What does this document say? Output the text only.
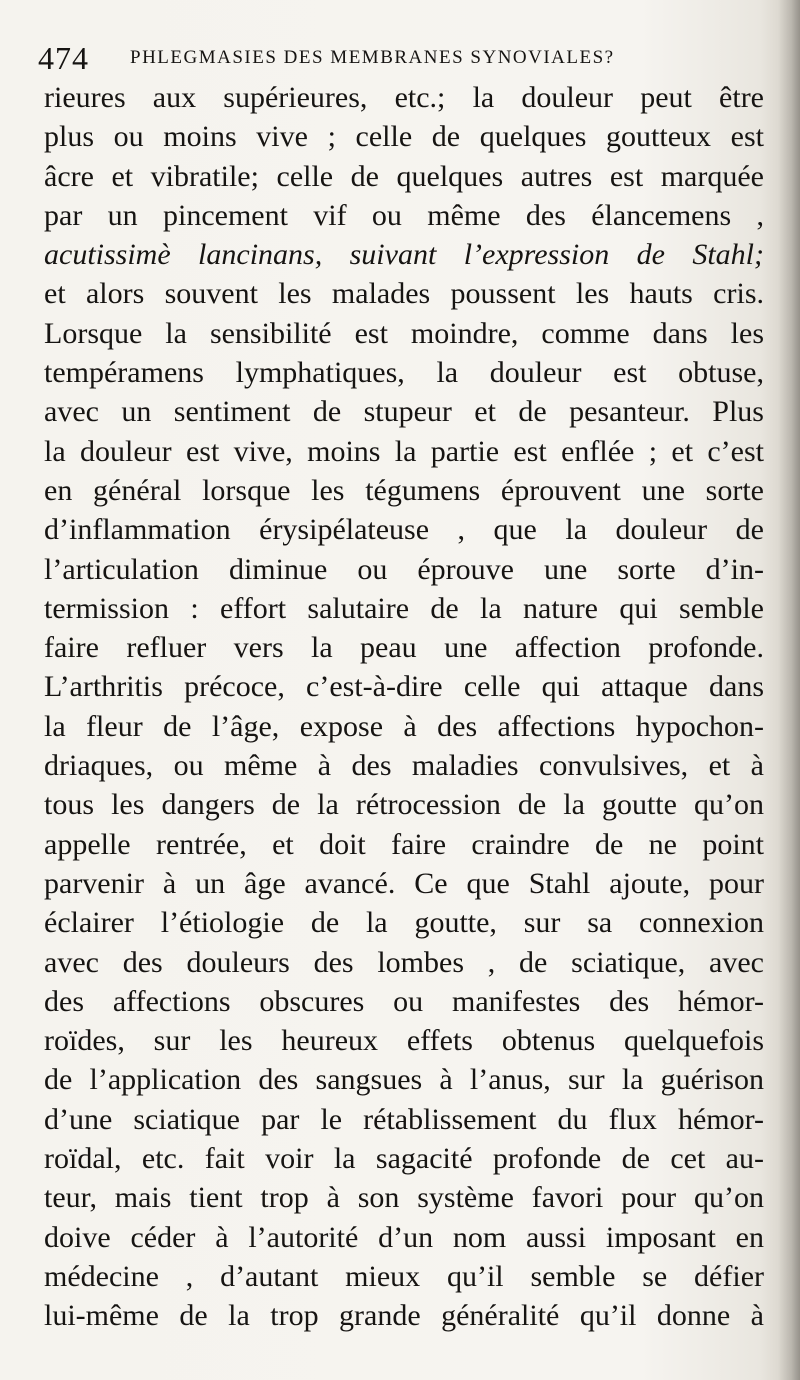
474 PHLEGMASIES DES MEMBRANES SYNOVIALES?
rieures aux supérieures, etc.; la douleur peut être
plus ou moins vive ; celle de quelques goutteux est
âcre et vibratile; celle de quelques autres est marquée
par un pincement vif ou même des élancemens ,
acutissimè lancinans, suivant l’expression de Stahl;
et alors souvent les malades poussent les hauts cris.
Lorsque la sensibilité est moindre, comme dans les
tempéramens lymphatiques, la douleur est obtuse,
avec un sentiment de stupeur et de pesanteur. Plus
la douleur est vive, moins la partie est enflée ; et c’est
en général lorsque les tégumens éprouvent une sorte
d’inflammation érysipélateuse , que la douleur de
l’articulation diminue ou éprouve une sorte d’in-
termission : effort salutaire de la nature qui semble
faire refluer vers la peau une affection profonde.
L’arthritis précoce, c’est-à-dire celle qui attaque dans
la fleur de l’âge, expose à des affections hypochon-
driaques, ou même à des maladies convulsives, et à
tous les dangers de la rétrocession de la goutte qu’on
appelle rentrée, et doit faire craindre de ne point
parvenir à un âge avancé. Ce que Stahl ajoute, pour
éclairer l’étiologie de la goutte, sur sa connexion
avec des douleurs des lombes , de sciatique, avec
des affections obscures ou manifestes des hémor-
roïdes, sur les heureux effets obtenus quelquefois
de l’application des sangsues à l’anus, sur la guérison
d’une sciatique par le rétablissement du flux hémor-
roïdal, etc. fait voir la sagacité profonde de cet au-
teur, mais tient trop à son système favori pour qu’on
doive céder à l’autorité d’un nom aussi imposant en
médecine , d’autant mieux qu’il semble se défier
lui-même de la trop grande généralité qu’il donne à
